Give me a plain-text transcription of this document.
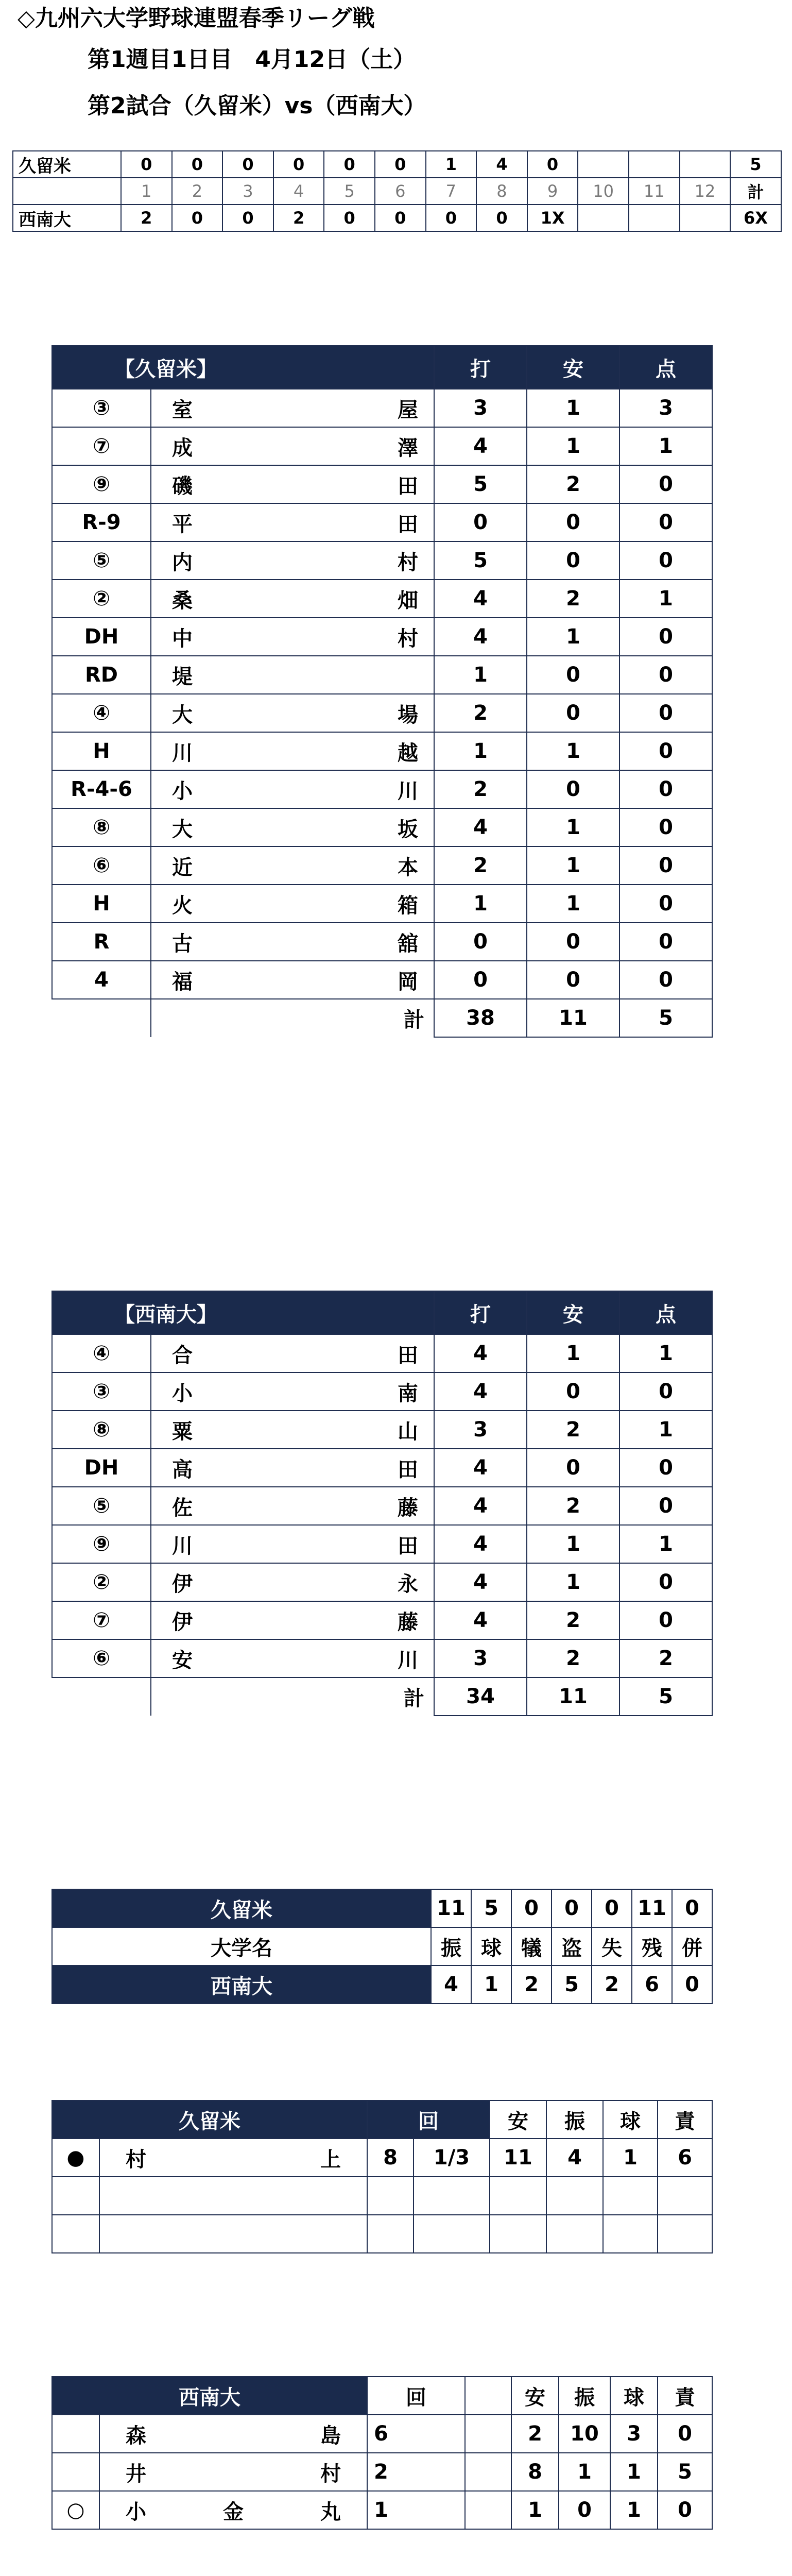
◇九州六大学野球連盟春季リーグ戦
第1週目1日目　4月12日（土）
第2試合（久留米）vs（西南大）
久留米	0	0	0	0	0	0	1	4	0				5
	1	2	3	4	5	6	7	8	9	10	11	12	計
西南大	2	0	0	2	0	0	0	0	1X				6X
【久留米】		打	安	点
③	室屋	3	1	3
⑦	成澤	4	1	1
⑨	磯田	5	2	0
R-9	平田	0	0	0
⑤	内村	5	0	0
②	桑畑	4	2	1
DH	中村	4	1	0
RD	堤	1	0	0
④	大場	2	0	0
H	川越	1	1	0
R-4-6	小川	2	0	0
⑧	大坂	4	1	0
⑥	近本	2	1	0
H	火箱	1	1	0
R	古舘	0	0	0
4	福岡	0	0	0
	計	38	11	5
【西南大】		打	安	点
④	合田	4	1	1
③	小南	4	0	0
⑧	粟山	3	2	1
DH	高田	4	0	0
⑤	佐藤	4	2	0
⑨	川田	4	1	1
②	伊永	4	1	0
⑦	伊藤	4	2	0
⑥	安川	3	2	2
	計	34	11	5
久留米	11	5	0	0	0	11	0
大学名	振	球	犠	盗	失	残	併
西南大	4	1	2	5	2	6	0
久留米		回		安	振	球	責
●	村上	8	1/3	11	4	1	6

西南大		回		安	振	球	責
	森島	6		2	10	3	0
	井村	2		8	1	1	5
○	小金丸	1		1	0	1	0
